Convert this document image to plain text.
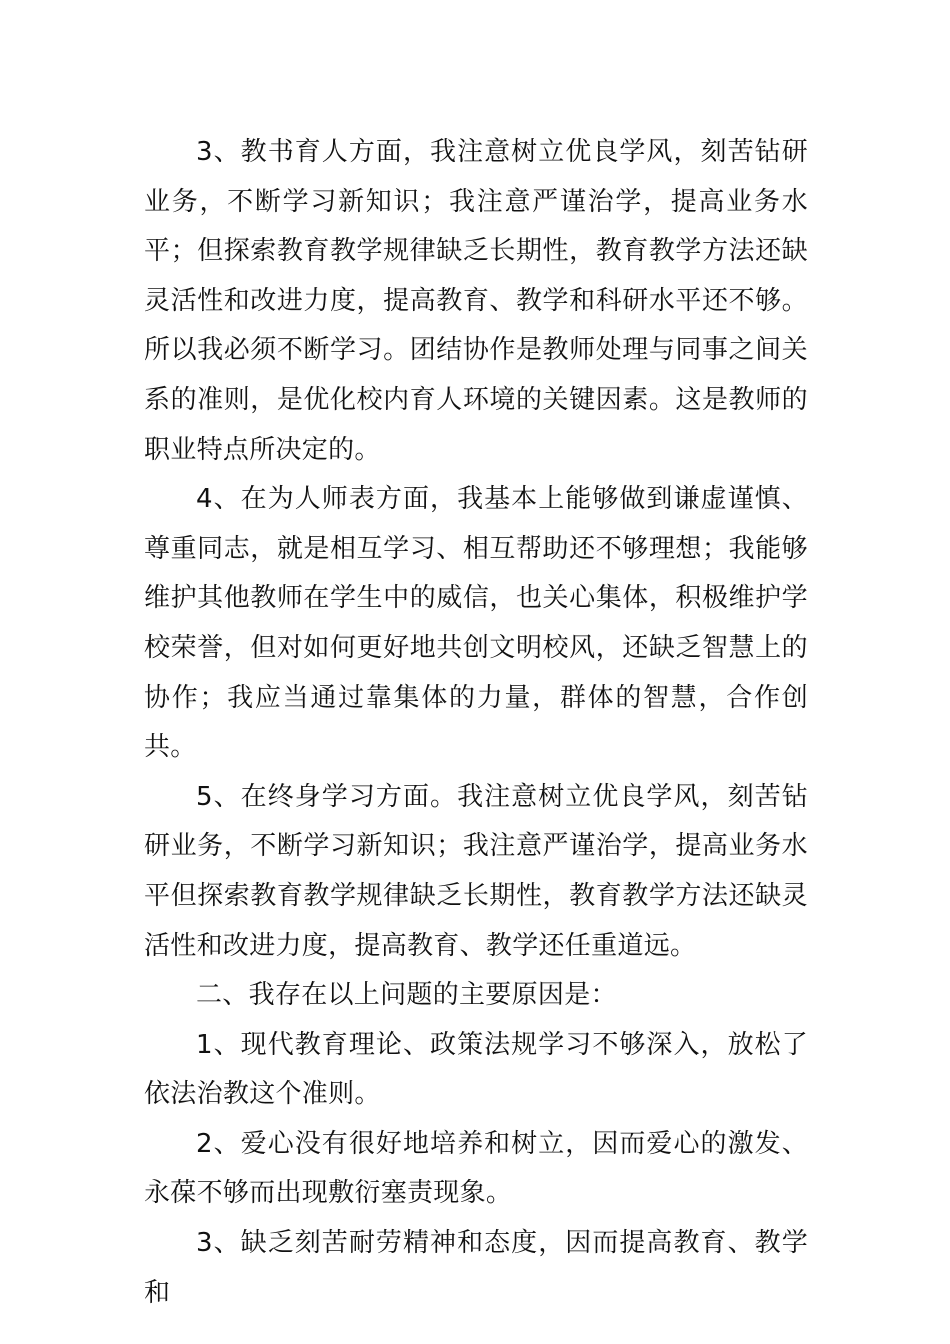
3、教书育人方面，我注意树立优良学风，刻苦钻研业务，不断学习新知识；我注意严谨治学，提高业务水平；但探索教育教学规律缺乏长期性，教育教学方法还缺灵活性和改进力度，提高教育、教学和科研水平还不够。所以我必须不断学习。团结协作是教师处理与同事之间关系的准则，是优化校内育人环境的关键因素。这是教师的职业特点所决定的。

4、在为人师表方面，我基本上能够做到谦虚谨慎、尊重同志，就是相互学习、相互帮助还不够理想；我能够维护其他教师在学生中的威信，也关心集体，积极维护学校荣誉，但对如何更好地共创文明校风，还缺乏智慧上的协作；我应当通过靠集体的力量，群体的智慧，合作创共。

5、在终身学习方面。我注意树立优良学风，刻苦钻研业务，不断学习新知识；我注意严谨治学，提高业务水平但探索教育教学规律缺乏长期性，教育教学方法还缺灵活性和改进力度，提高教育、教学还任重道远。

二、我存在以上问题的主要原因是：

1、现代教育理论、政策法规学习不够深入，放松了依法治教这个准则。

2、爱心没有很好地培养和树立，因而爱心的激发、永葆不够而出现敷衍塞责现象。

3、缺乏刻苦耐劳精神和态度，因而提高教育、教学和
